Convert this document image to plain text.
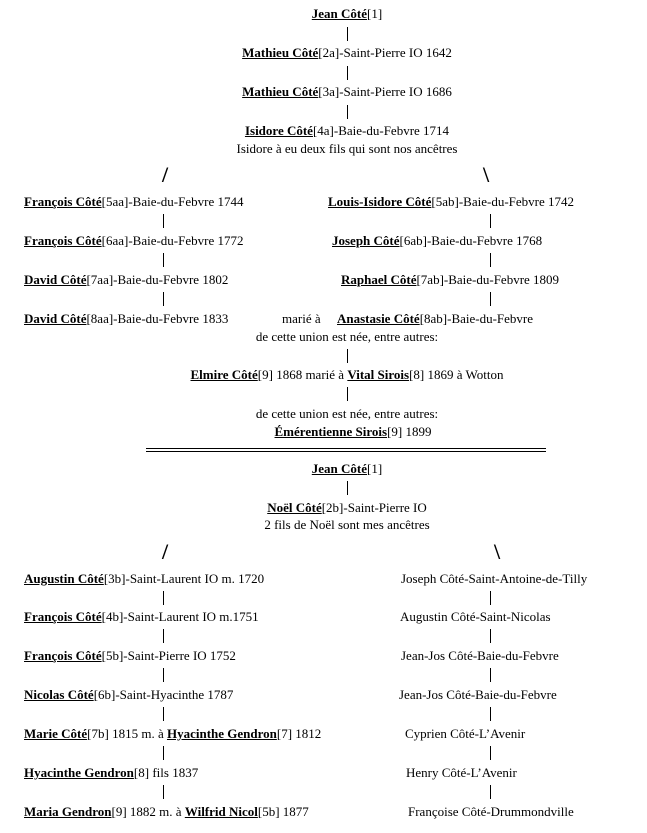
Jean Côté[1]
Mathieu Côté[2a]-Saint-Pierre IO 1642
Mathieu Côté[3a]-Saint-Pierre IO 1686
Isidore Côté[4a]-Baie-du-Febvre 1714
Isidore à eu deux fils qui sont nos ancêtres
/	\
François Côté[5aa]-Baie-du-Febvre 1744
François Côté[6aa]-Baie-du-Febvre 1772
David Côté[7aa]-Baie-du-Febvre 1802
David Côté[8aa]-Baie-du-Febvre 1833
Louis-Isidore Côté[5ab]-Baie-du-Febvre 1742
Joseph Côté[6ab]-Baie-du-Febvre 1768
Raphael Côté[7ab]-Baie-du-Febvre 1809
Anastasie Côté[8ab]-Baie-du-Febvre
marié à
de cette union est née, entre autres:
Elmire Côté[9] 1868 marié à Vital Sirois[8] 1869 à Wotton
de cette union est née, entre autres:
Émérentienne Sirois[9] 1899
Jean Côté[1]
Noël Côté[2b]-Saint-Pierre IO
2 fils de Noël sont mes ancêtres
/	\
Augustin Côté[3b]-Saint-Laurent IO m. 1720
François Côté[4b]-Saint-Laurent IO m.1751
François Côté[5b]-Saint-Pierre IO 1752
Nicolas Côté[6b]-Saint-Hyacinthe 1787
Marie Côté[7b] 1815 m. à Hyacinthe Gendron[7] 1812
Hyacinthe Gendron[8] fils 1837
Maria Gendron[9] 1882 m. à Wilfrid Nicol[5b] 1877
Joseph Côté-Saint-Antoine-de-Tilly
Augustin Côté-Saint-Nicolas
Jean-Jos Côté-Baie-du-Febvre
Jean-Jos Côté-Baie-du-Febvre
Cyprien Côté-L’Avenir
Henry Côté-L’Avenir
Françoise Côté-Drummondville
